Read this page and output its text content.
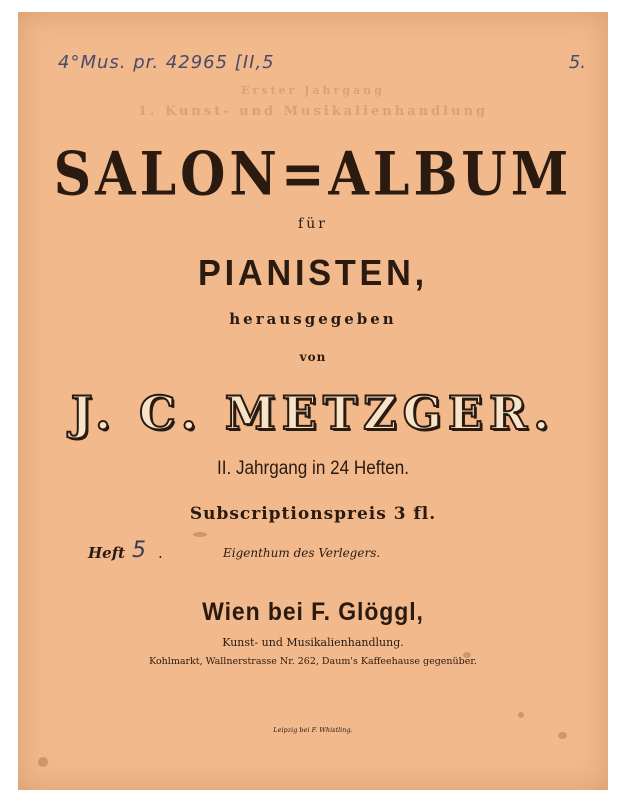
4°Mus. pr. 42965 [II,5	5.
Erster Jahrgang
1. Kunst- und Musikalienhandlung
SALON=ALBUM
für
PIANISTEN,
herausgegeben
von
J. C. METZGER.
II. Jahrgang in 24 Heften.
Subscriptionspreis 3 fl.
Heft 5 .	Eigenthum des Verlegers.
Wien bei F. Glöggl,
Kunst- und Musikalienhandlung.
Kohlmarkt, Wallnerstrasse Nr. 262, Daum's Kaffeehause gegenüber.
Leipzig bei F. Whistling.
